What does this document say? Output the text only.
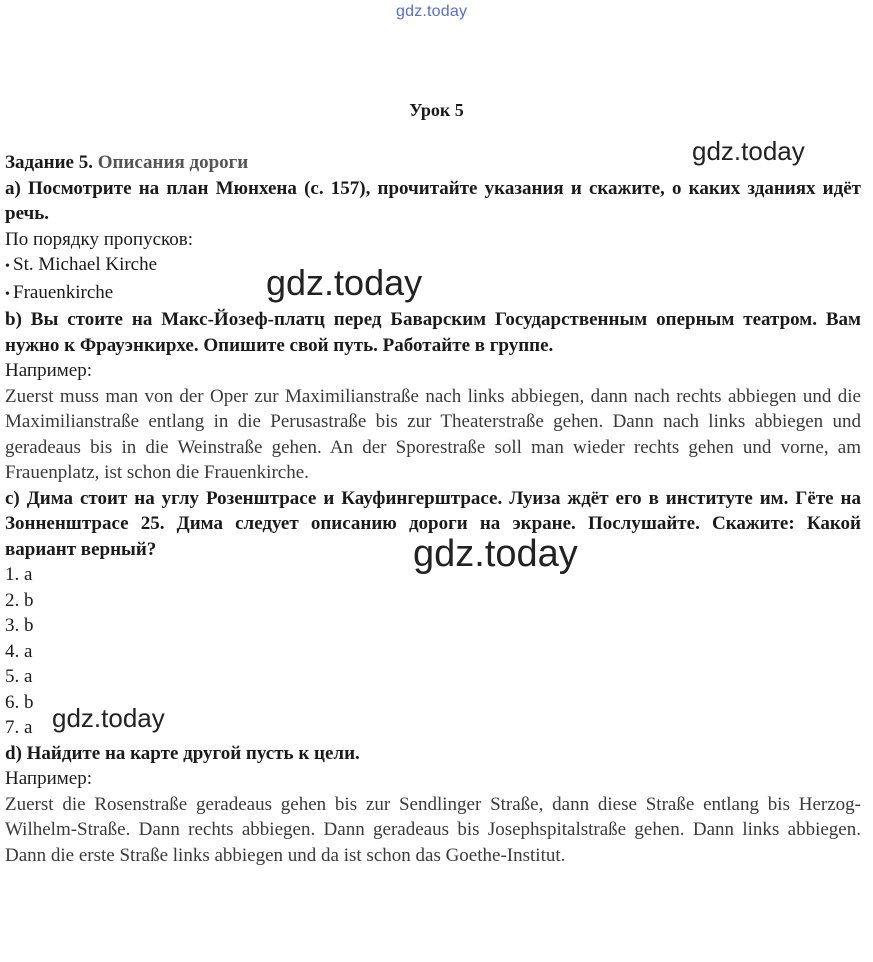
gdz.today
Урок 5

Задание 5. Описания дороги

а) Посмотрите на план Мюнхена (с. 157), прочитайте указания и скажите, о каких зданиях идёт речь.

По порядку пропусков:

• St. Michael Kirche

• Frauenkirche

b) Вы стоите на Макс-Йозеф-платц перед Баварским Государственным оперным театром. Вам нужно к Фрауэнкирхе. Опишите свой путь. Работайте в группе.

Например:

Zuerst muss man von der Oper zur Maximilianstraße nach links abbiegen, dann nach rechts abbiegen und die Maximilianstraße entlang in die Perusastraße bis zur Theaterstraße gehen. Dann nach links abbiegen und geradeaus bis in die Weinstraße gehen. An der Sporestraße soll man wieder rechts gehen und vorne, am Frauenplatz, ist schon die Frauenkirche.

с) Дима стоит на углу Розенштрасе и Кауфингерштрасе. Луиза ждёт его в институте им. Гёте на Зонненштрасе 25. Дима следует описанию дороги на экране. Послушайте. Скажите: Какой вариант верный?

1. a
2. b
3. b
4. a
5. a
6. b
7. a

d) Найдите на карте другой пусть к цели.

Например:

Zuerst die Rosenstraße geradeaus gehen bis zur Sendlinger Straße, dann diese Straße entlang bis Herzog-Wilhelm-Straße. Dann rechts abbiegen. Dann geradeaus bis Josephspitalstraße gehen. Dann links abbiegen. Dann die erste Straße links abbiegen und da ist schon das Goethe-Institut.

gdz.today
gdz.today
gdz.today
gdz.today
